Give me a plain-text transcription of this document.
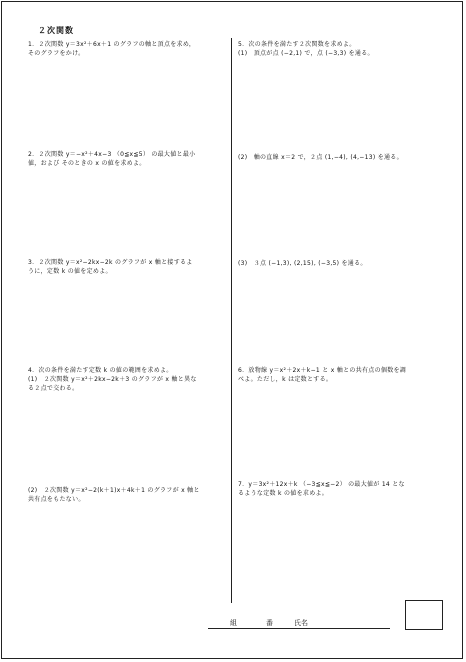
２次関数
1．２次関数 y＝3x²＋6x＋1 のグラフの軸と頂点を求め，
そのグラフをかけ。
2．２次関数 y＝−x²＋4x−3 （0≦x≦5） の最大値と最小
値，および そのときの x の値を求めよ。
3．２次関数 y＝x²−2kx−2k のグラフが x 軸と接するよ
うに，定数 k の値を定めよ。
4．次の条件を満たす定数 k の値の範囲を求めよ。
(1)　２次関数 y＝x²＋2kx−2k＋3 のグラフが x 軸と異な
る２点で交わる。
(2)　２次関数 y＝x²−2(k＋1)x＋4k＋1 のグラフが x 軸と
共有点をもたない。
5．次の条件を満たす２次関数を求めよ。
(1)　頂点が点 (−2,1) で，点 (−3,3) を通る。
(2)　軸の直線 x＝2 で，２点 (1,−4), (4,−13) を通る。
(3)　３点 (−1,3), (2,15), (−3,5) を通る。
6．放物線 y＝x²＋2x＋k−1 と x 軸との共有点の個数を調
べよ。ただし，k は定数とする。
7．y＝3x²＋12x＋k （−3≦x≦−2） の最大値が 14 とな
るような定数 k の値を求めよ。
組	番	氏名
